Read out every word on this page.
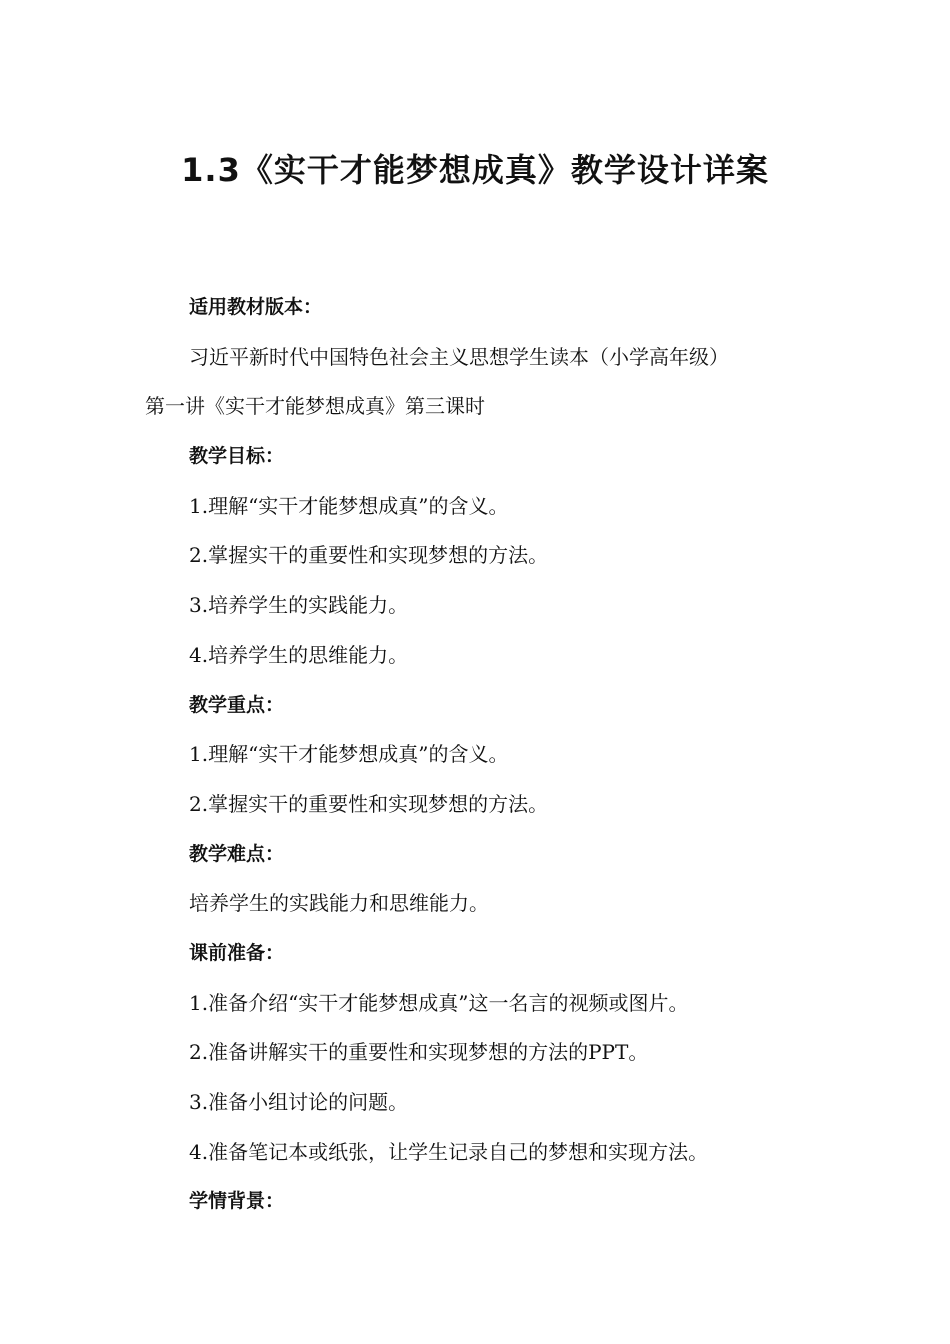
1.3《实干才能梦想成真》教学设计详案
适用教材版本：
习近平新时代中国特色社会主义思想学生读本（小学高年级）
第一讲《实干才能梦想成真》第三课时
教学目标：
1.理解“实干才能梦想成真”的含义。
2.掌握实干的重要性和实现梦想的方法。
3.培养学生的实践能力。
4.培养学生的思维能力。
教学重点：
1.理解“实干才能梦想成真”的含义。
2.掌握实干的重要性和实现梦想的方法。
教学难点：
培养学生的实践能力和思维能力。
课前准备：
1.准备介绍“实干才能梦想成真”这一名言的视频或图片。
2.准备讲解实干的重要性和实现梦想的方法的PPT。
3.准备小组讨论的问题。
4.准备笔记本或纸张，让学生记录自己的梦想和实现方法。
学情背景：
